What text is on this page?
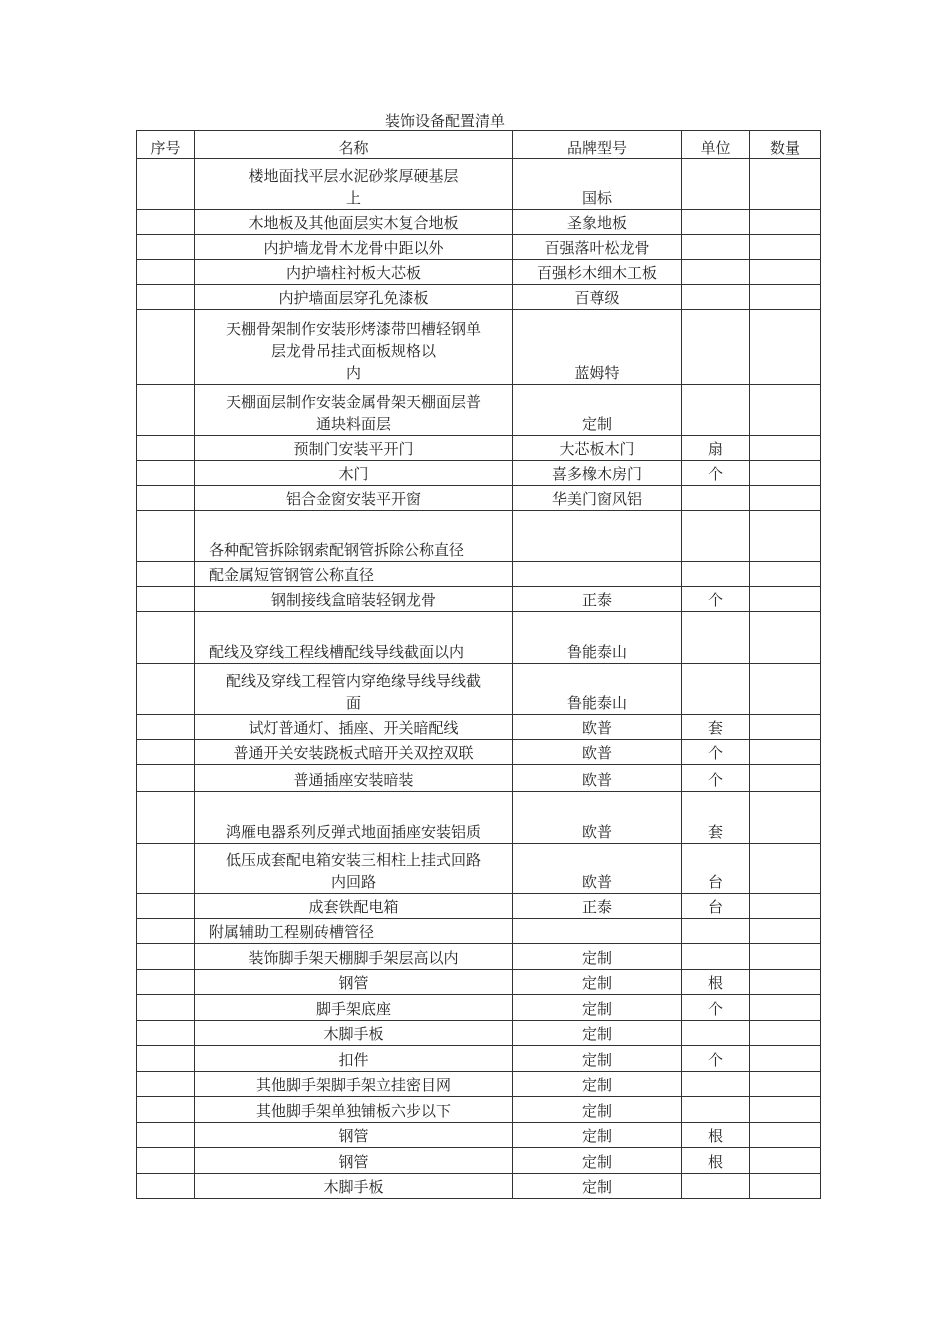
装饰设备配置清单
序号	名称	品牌型号	单位	数量
	楼地面找平层水泥砂浆厚硬基层
上	国标		
	木地板及其他面层实木复合地板	圣象地板		
	内护墙龙骨木龙骨中距以外	百强落叶松龙骨		
	内护墙柱衬板大芯板	百强杉木细木工板		
	内护墙面层穿孔免漆板	百尊级		
	天棚骨架制作安装形烤漆带凹槽轻钢单
层龙骨吊挂式面板规格以
内	蓝姆特		
	天棚面层制作安装金属骨架天棚面层普
通块料面层	定制		
	预制门安装平开门	大芯板木门	扇	
	木门	喜多橡木房门	个	
	铝合金窗安装平开窗	华美门窗风铝		
	各种配管拆除钢索配钢管拆除公称直径			
	配金属短管钢管公称直径			
	钢制接线盒暗装轻钢龙骨	正泰	个	
	配线及穿线工程线槽配线导线截面以内	鲁能泰山		
	配线及穿线工程管内穿绝缘导线导线截
面	鲁能泰山		
	试灯普通灯、插座、开关暗配线	欧普	套	
	普通开关安装跷板式暗开关双控双联	欧普	个	
	普通插座安装暗装	欧普	个	
	鸿雁电器系列反弹式地面插座安装铝质	欧普	套	
	低压成套配电箱安装三相柱上挂式回路
内回路	欧普	台	
	成套铁配电箱	正泰	台	
	附属辅助工程剔砖槽管径			
	装饰脚手架天棚脚手架层高以内	定制		
	钢管	定制	根	
	脚手架底座	定制	个	
	木脚手板	定制		
	扣件	定制	个	
	其他脚手架脚手架立挂密目网	定制		
	其他脚手架单独铺板六步以下	定制		
	钢管	定制	根	
	钢管	定制	根	
	木脚手板	定制		
